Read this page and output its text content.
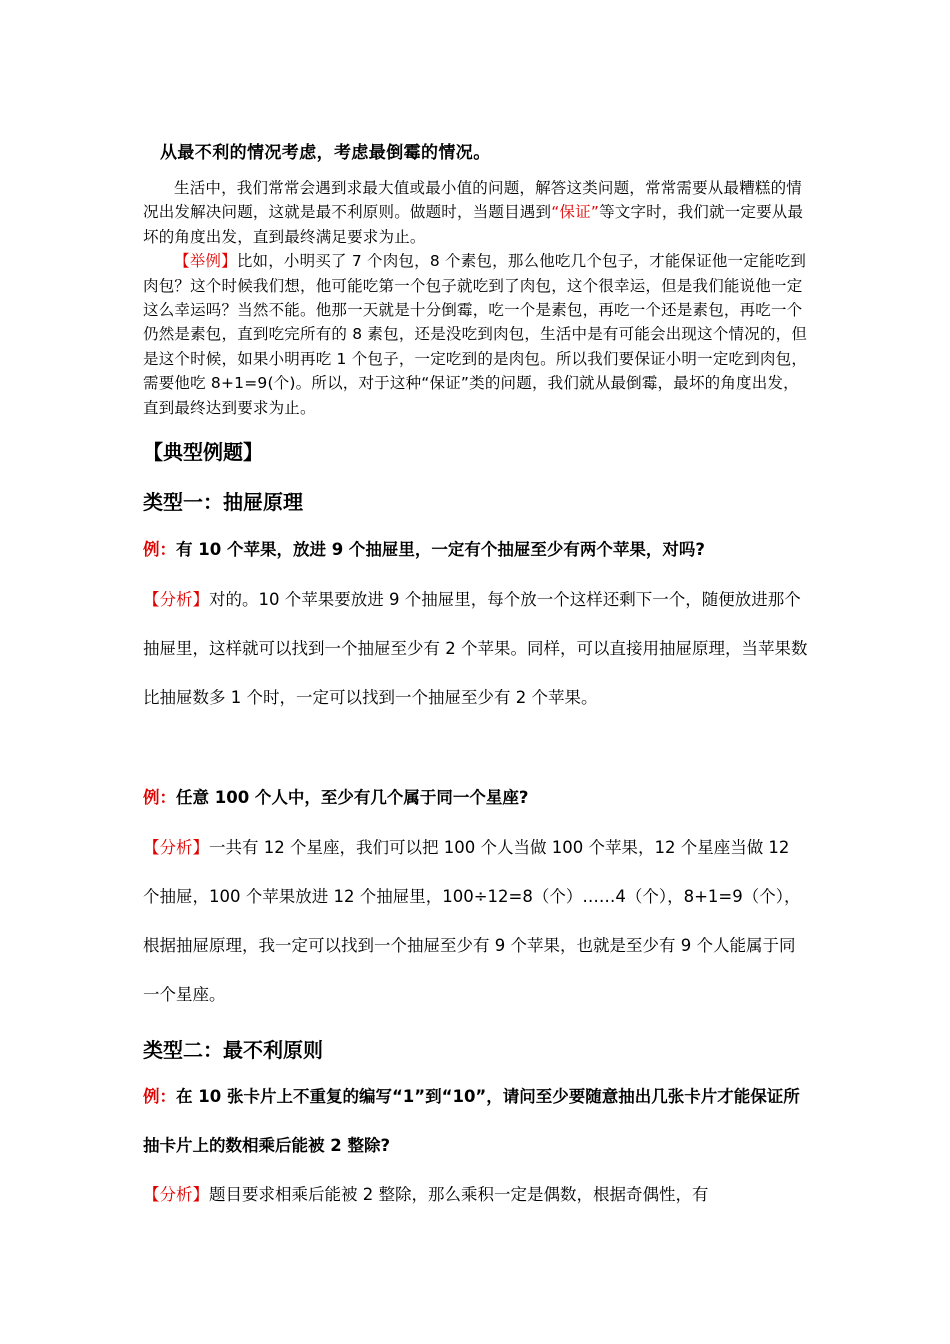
从最不利的情况考虑，考虑最倒霉的情况。

生活中，我们常常会遇到求最大值或最小值的问题，解答这类问题，常常需要从最糟糕的情况出发解决问题，这就是最不利原则。做题时，当题目遇到“保证”等文字时，我们就一定要从最坏的角度出发，直到最终满足要求为止。

【举例】比如，小明买了 7 个肉包，8 个素包，那么他吃几个包子，才能保证他一定能吃到肉包？这个时候我们想，他可能吃第一个包子就吃到了肉包，这个很幸运，但是我们能说他一定这么幸运吗？当然不能。他那一天就是十分倒霉，吃一个是素包，再吃一个还是素包，再吃一个仍然是素包，直到吃完所有的 8 素包，还是没吃到肉包，生活中是有可能会出现这个情况的，但是这个时候，如果小明再吃 1 个包子，一定吃到的是肉包。所以我们要保证小明一定吃到肉包，需要他吃 8+1=9(个)。所以，对于这种“保证”类的问题，我们就从最倒霉，最坏的角度出发，直到最终达到要求为止。

【典型例题】
类型一：抽屉原理

例：有 10 个苹果，放进 9 个抽屉里，一定有个抽屉至少有两个苹果，对吗?

【分析】对的。10 个苹果要放进 9 个抽屉里，每个放一个这样还剩下一个，随便放进那个抽屉里，这样就可以找到一个抽屉至少有 2 个苹果。同样，可以直接用抽屉原理，当苹果数比抽屉数多 1 个时，一定可以找到一个抽屉至少有 2 个苹果。

例：任意 100 个人中，至少有几个属于同一个星座?

【分析】一共有 12 个星座，我们可以把 100 个人当做 100 个苹果，12 个星座当做 12 个抽屉，100 个苹果放进 12 个抽屉里，100÷12=8（个）……4（个），8+1=9（个），根据抽屉原理，我一定可以找到一个抽屉至少有 9 个苹果，也就是至少有 9 个人能属于同一个星座。

类型二：最不利原则

例：在 10 张卡片上不重复的编写“1”到“10”，请问至少要随意抽出几张卡片才能保证所抽卡片上的数相乘后能被 2 整除?

【分析】题目要求相乘后能被 2 整除，那么乘积一定是偶数，根据奇偶性，有
